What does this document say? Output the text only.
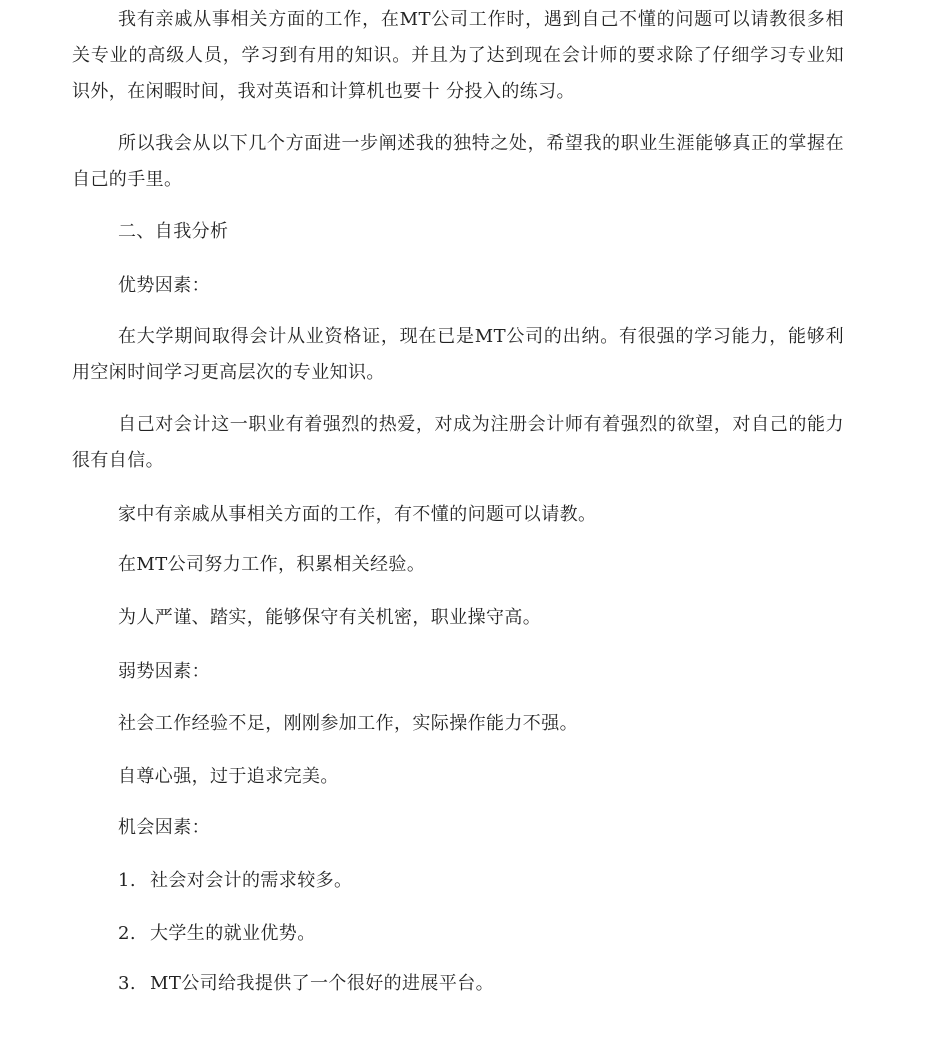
我有亲戚从事相关方面的工作，在MT公司工作时，遇到自己不懂的问题可以请教很多相关专业的高级人员，学习到有用的知识。并且为了达到现在会计师的要求除了仔细学习专业知识外，在闲暇时间，我对英语和计算机也要十 分投入的练习。

所以我会从以下几个方面进一步阐述我的独特之处，希望我的职业生涯能够真正的掌握在自己的手里。

二、自我分析

优势因素：

在大学期间取得会计从业资格证，现在已是MT公司的出纳。有很强的学习能力，能够利用空闲时间学习更高层次的专业知识。

自己对会计这一职业有着强烈的热爱，对成为注册会计师有着强烈的欲望，对自己的能力很有自信。

家中有亲戚从事相关方面的工作，有不懂的问题可以请教。

在MT公司努力工作，积累相关经验。

为人严谨、踏实，能够保守有关机密，职业操守高。

弱势因素：

社会工作经验不足，刚刚参加工作，实际操作能力不强。

自尊心强，过于追求完美。

机会因素：

1. 社会对会计的需求较多。

2. 大学生的就业优势。

3. MT公司给我提供了一个很好的进展平台。
